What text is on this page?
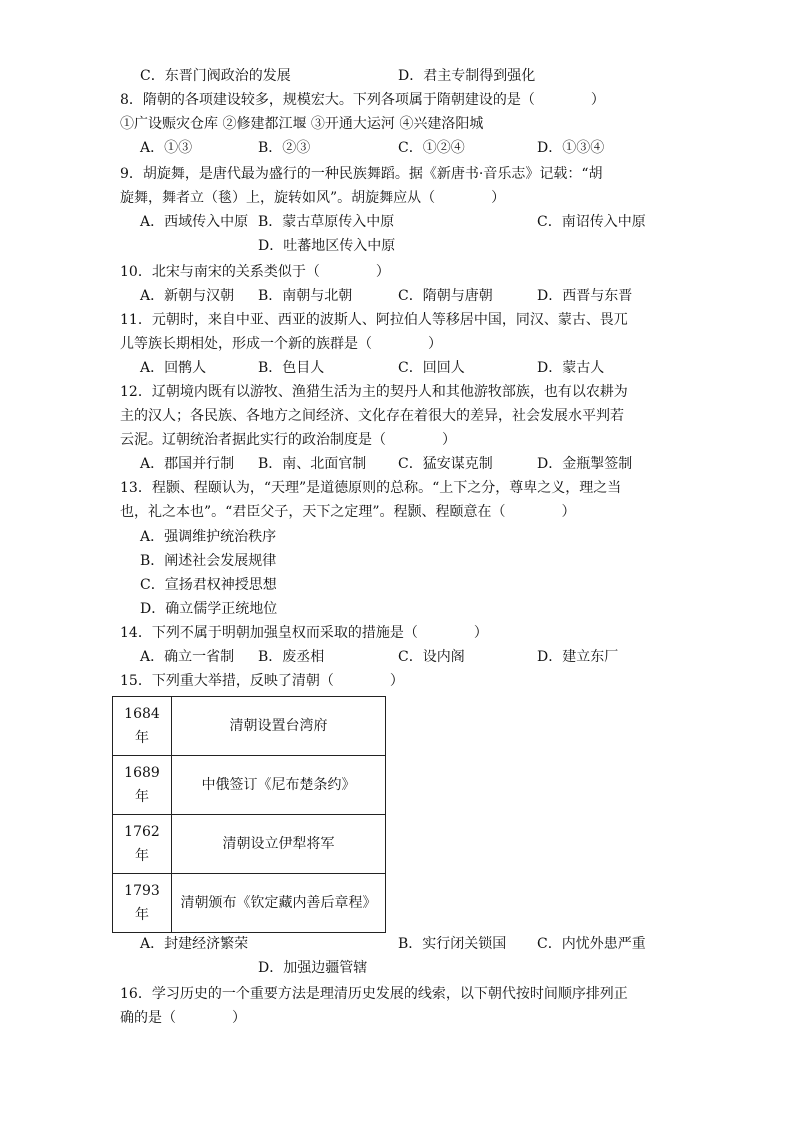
C．东晋门阀政治的发展	D．君主专制得到强化
8．隋朝的各项建设较多，规模宏大。下列各项属于隋朝建设的是（　　　　）
①广设赈灾仓库 ②修建都江堰 ③开通大运河 ④兴建洛阳城
A．①③	B．②③	C．①②④	D．①③④
9．胡旋舞，是唐代最为盛行的一种民族舞蹈。据《新唐书·音乐志》记载：“胡
旋舞，舞者立（毯）上，旋转如风”。胡旋舞应从（　　　　）
A．西域传入中原 B．蒙古草原传入中原	C．南诏传入中原
D．吐蕃地区传入中原
10．北宋与南宋的关系类似于（　　　　）
A．新朝与汉朝 B．南朝与北朝	C．隋朝与唐朝	D．西晋与东晋
11．元朝时，来自中亚、西亚的波斯人、阿拉伯人等移居中国，同汉、蒙古、畏兀
儿等族长期相处，形成一个新的族群是（　　　　）
A．回鹘人	B．色目人	C．回回人	D．蒙古人
12．辽朝境内既有以游牧、渔猎生活为主的契丹人和其他游牧部族，也有以农耕为
主的汉人；各民族、各地方之间经济、文化存在着很大的差异，社会发展水平判若
云泥。辽朝统治者据此实行的政治制度是（　　　　）
A．郡国并行制 B．南、北面官制 C．猛安谋克制	D．金瓶掣签制
13．程颢、程颐认为，“天理”是道德原则的总称。“上下之分，尊卑之义，理之当
也，礼之本也”。“君臣父子，天下之定理”。程颢、程颐意在（　　　　）
A．强调维护统治秩序
B．阐述社会发展规律
C．宣扬君权神授思想
D．确立儒学正统地位
14．下列不属于明朝加强皇权而采取的措施是（　　　　）
A．确立一省制 B．废丞相	C．设内阁	D．建立东厂
15．下列重大举措，反映了清朝（　　　　）
A．封建经济繁荣	B．实行闭关锁国 C．内忧外患严重
D．加强边疆管辖
16．学习历史的一个重要方法是理清历史发展的线索，以下朝代按时间顺序排列正
确的是（　　　　）
1684
年	清朝设置台湾府

1689
年	中俄签订《尼布楚条约》

1762
年	清朝设立伊犁将军

1793
年	清朝颁布《钦定藏内善后章程》
